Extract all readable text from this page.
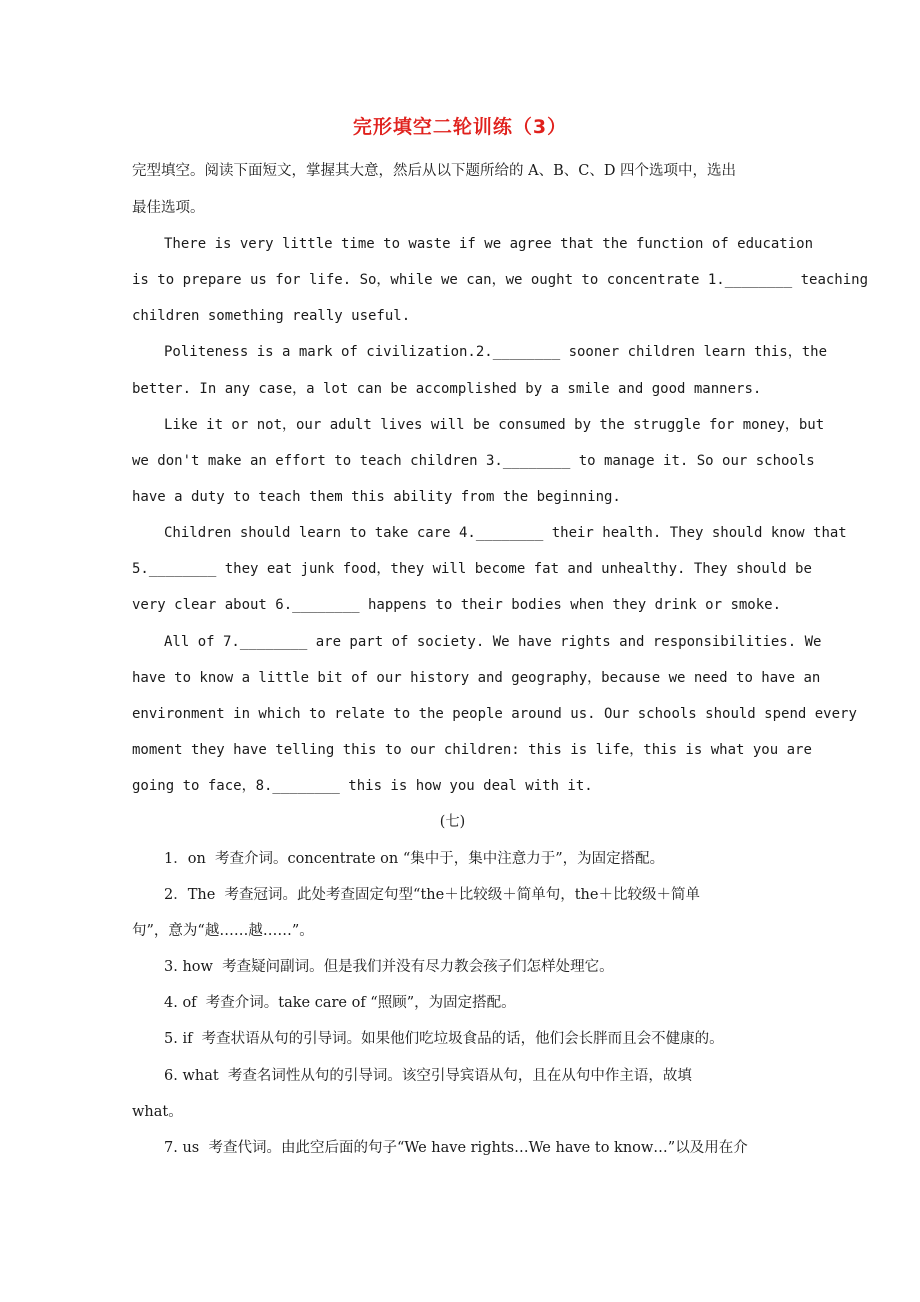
完形填空二轮训练（3）
完型填空。阅读下面短文，掌握其大意，然后从以下题所给的 A、B、C、D 四个选项中，选出
最佳选项。
There is very little time to waste if we agree that the function of education
is to prepare us for life. So，while we can，we ought to concentrate 1.________ teaching
children something really useful.
Politeness is a mark of civilization.2.________ sooner children learn this，the
better. In any case，a lot can be accomplished by a smile and good manners.
Like it or not，our adult lives will be consumed by the struggle for money，but
we don't make an effort to teach children 3.________ to manage it. So our schools
have a duty to teach them this ability from the beginning.
Children should learn to take care 4.________ their health. They should know that
5.________ they eat junk food，they will become fat and unhealthy. They should be
very clear about 6.________ happens to their bodies when they drink or smoke.
All of 7.________ are part of society. We have rights and responsibilities. We
have to know a little bit of our history and geography，because we need to have an
environment in which to relate to the people around us. Our schools should spend every
moment they have telling this to our children: this is life，this is what you are
going to face，8.________ this is how you deal with it.
(七)
1．on  考查介词。concentrate on “集中于，集中注意力于”，为固定搭配。
2．The  考查冠词。此处考查固定句型“the＋比较级＋简单句，the＋比较级＋简单
句”，意为“越……越……”。
3. how  考查疑问副词。但是我们并没有尽力教会孩子们怎样处理它。
4. of  考查介词。take care of “照顾”，为固定搭配。
5. if  考查状语从句的引导词。如果他们吃垃圾食品的话，他们会长胖而且会不健康的。
6. what  考查名词性从句的引导词。该空引导宾语从句，且在从句中作主语，故填
what。
7. us  考查代词。由此空后面的句子“We have rights…We have to know…”以及用在介
